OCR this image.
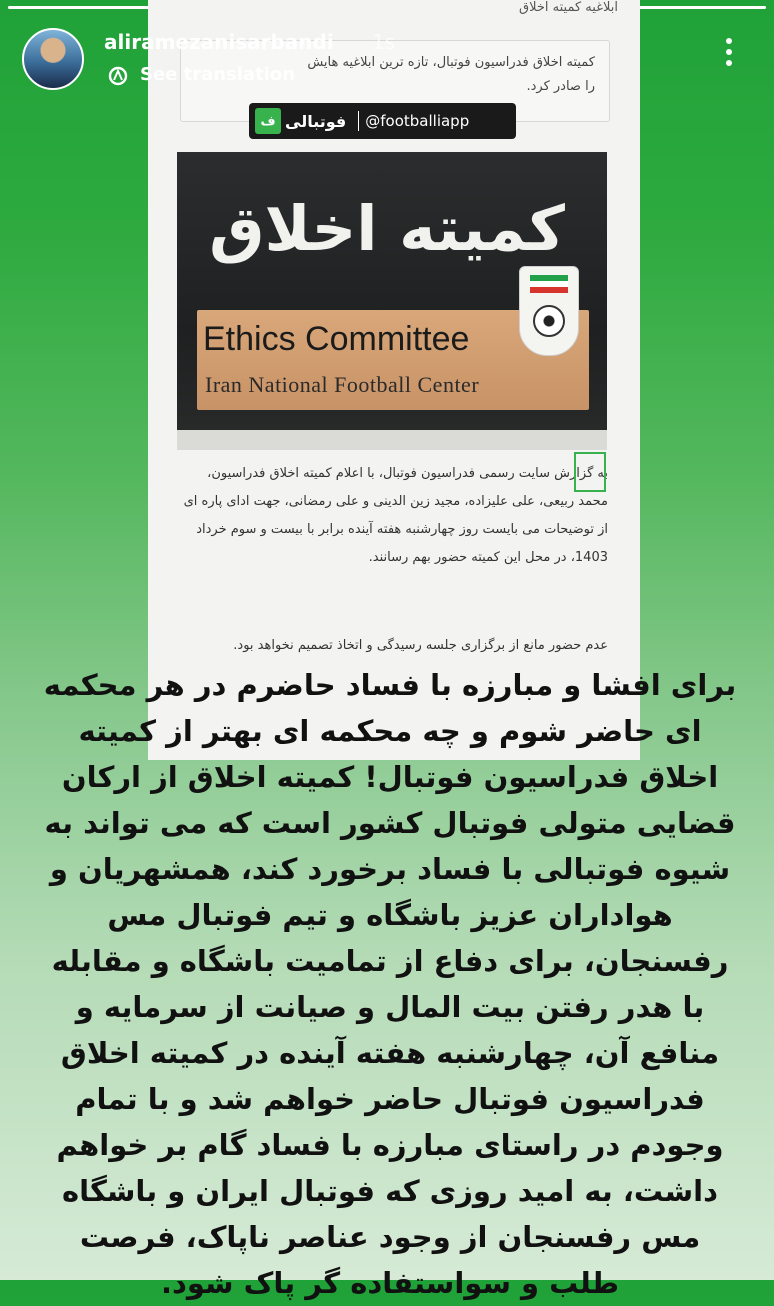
ابلاغیه کمیته اخلاق
کمیته اخلاق فدراسیون فوتبال، تازه ترین ابلاغیه هایش را صادر کرد.
کمیته اخلاق
Ethics Committee
Iran National Football Center
به گزارش سایت رسمی فدراسیون فوتبال، با اعلام کمیته اخلاق فدراسیون، محمد ربیعی، علی علیزاده، مجید زین الدینی و علی رمضانی، جهت ادای پاره ای از توضیحات می بایست روز چهارشنبه هفته آینده برابر با بیست و سوم خرداد 1403، در محل این کمیته حضور بهم رسانند.
عدم حضور مانع از برگزاری جلسه رسیدگی و اتخاذ تصمیم نخواهد بود.
ف فوتبالی @footballiapp
aliramezanisarbandi 1s
See translation
برای افشا و مبارزه با فساد حاضرم در هر محکمه ای حاضر شوم و چه محکمه ای بهتر از کمیته اخلاق فدراسیون فوتبال! کمیته اخلاق از ارکان قضایی متولی فوتبال کشور است که می تواند به شیوه فوتبالی با فساد برخورد کند، همشهریان و هواداران عزیز باشگاه و تیم فوتبال مس رفسنجان، برای دفاع از تمامیت باشگاه و مقابله با هدر رفتن بیت المال و صیانت از سرمایه و منافع آن، چهارشنبه هفته آینده در کمیته اخلاق فدراسیون فوتبال حاضر خواهم شد و با تمام وجودم در راستای مبارزه با فساد گام بر خواهم داشت، به امید روزی که فوتبال ایران و باشگاه مس رفسنجان از وجود عناصر ناپاک، فرصت طلب و سواستفاده گر پاک شود.
